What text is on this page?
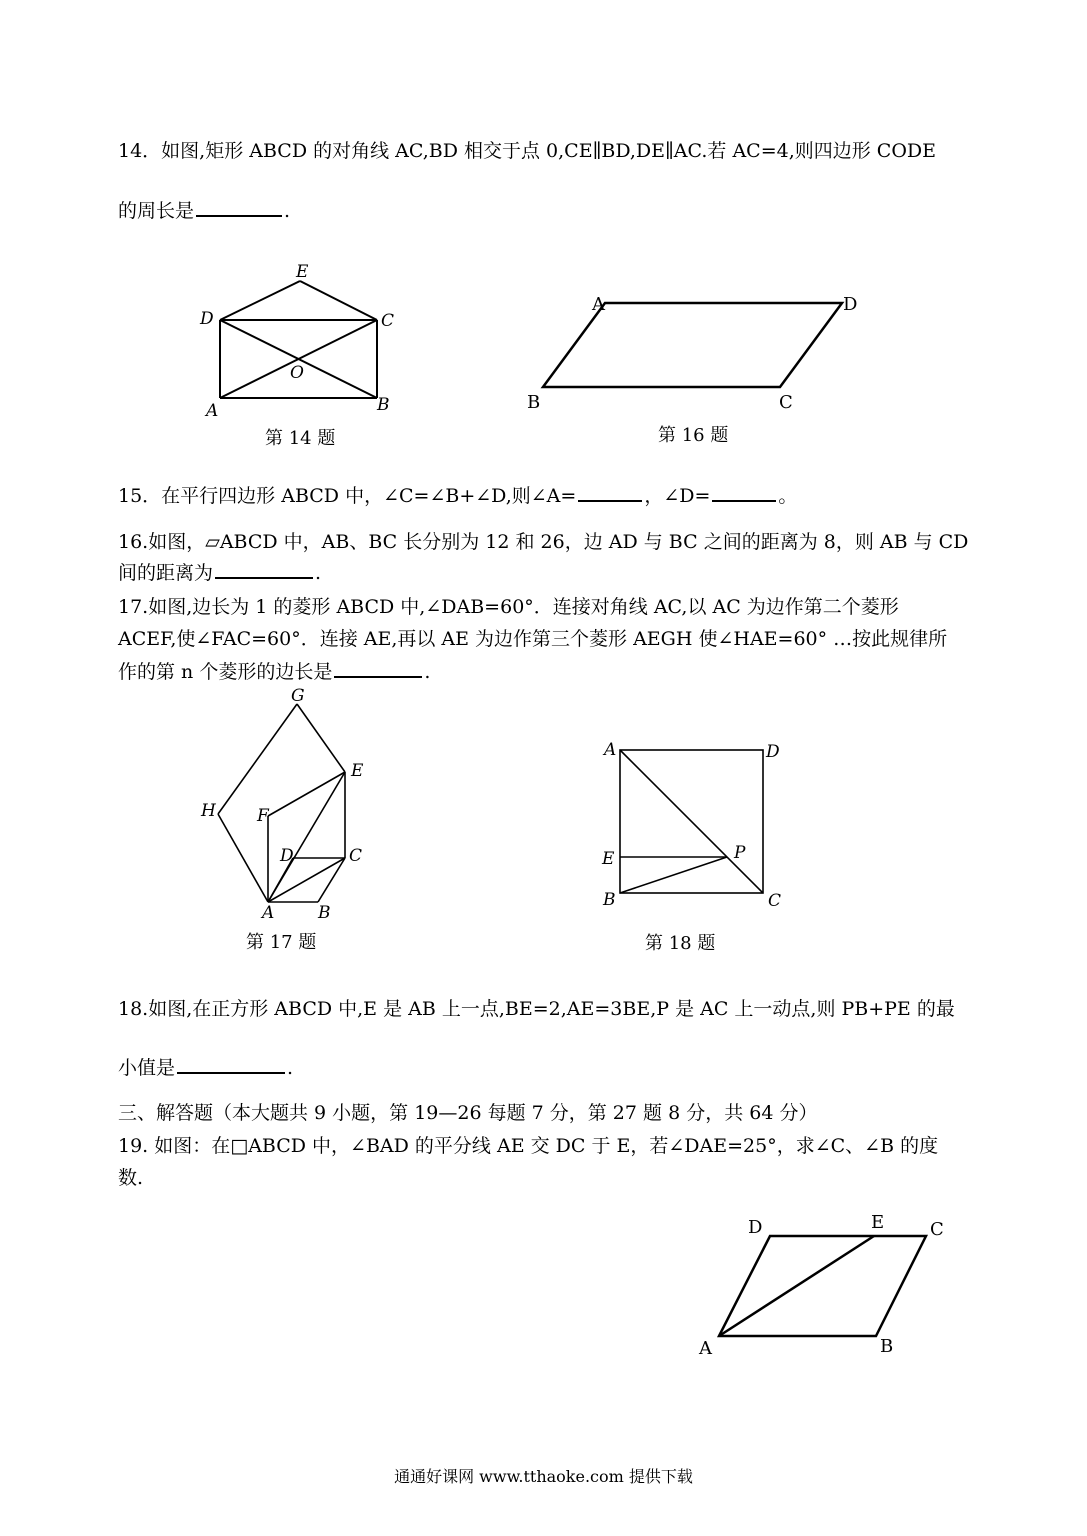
14．如图,矩形 ABCD 的对角线 AC,BD 相交于点 0,CE∥BD,DE∥AC.若 AC=4,则四边形 CODE
的周长是	.
E
D	C
O
A	B
A	D
B	C
G
E
H F
D	C
A	B
A	D
E	P
B	C
D	E	C
A	B
第 14 题	第 16 题
15．在平行四边形 ABCD 中，∠C=∠B+∠D,则∠A=	，∠D=	。
16.如图，▱ABCD 中，AB、BC 长分别为 12 和 26，边 AD 与 BC 之间的距离为 8，则 AB 与 CD
间的距离为	.
17.如图,边长为 1 的菱形 ABCD 中,∠DAB=60°．连接对角线 AC,以 AC 为边作第二个菱形
ACEF,使∠FAC=60°．连接 AE,再以 AE 为边作第三个菱形 AEGH 使∠HAE=60° …按此规律所
作的第 n 个菱形的边长是	.
第 17 题	第 18 题
18.如图,在正方形 ABCD 中,E 是 AB 上一点,BE=2,AE=3BE,P 是 AC 上一动点,则 PB+PE 的最
小值是	.
三、解答题（本大题共 9 小题，第 19—26 每题 7 分，第 27 题 8 分，共 64 分）
19. 如图：在□ABCD 中，∠BAD 的平分线 AE 交 DC 于 E，若∠DAE=25°，求∠C、∠B 的度
数.
通通好课网 www.tthaoke.com 提供下载
